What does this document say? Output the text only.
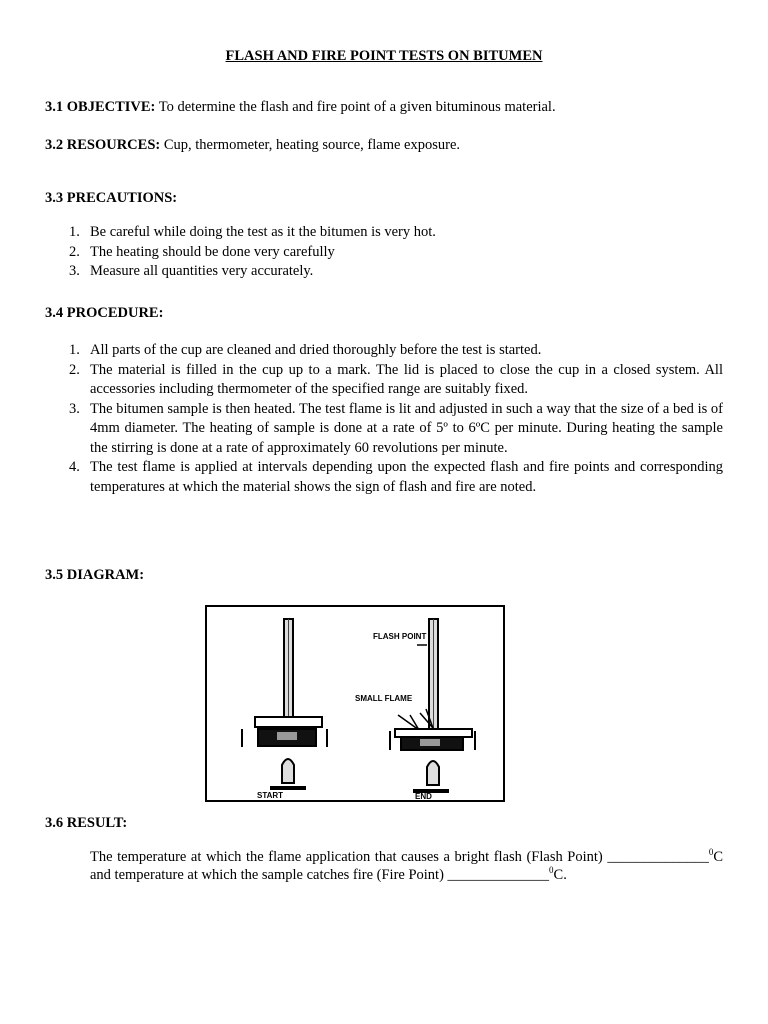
FLASH AND FIRE POINT TESTS ON BITUMEN
3.1 OBJECTIVE: To determine the flash and fire point of a given bituminous material.
3.2 RESOURCES: Cup, thermometer, heating source, flame exposure.
3.3 PRECAUTIONS:
1. Be careful while doing the test as it the bitumen is very hot.
2. The heating should be done very carefully
3. Measure all quantities very accurately.
3.4 PROCEDURE:
1. All parts of the cup are cleaned and dried thoroughly before the test is started.
2. The material is filled in the cup up to a mark. The lid is placed to close the cup in a closed system. All accessories including thermometer of the specified range are suitably fixed.
3. The bitumen sample is then heated. The test flame is lit and adjusted in such a way that the size of a bed is of 4mm diameter. The heating of sample is done at a rate of 5º to 6ºC per minute. During heating the sample the stirring is done at a rate of approximately 60 revolutions per minute.
4. The test flame is applied at intervals depending upon the expected flash and fire points and corresponding temperatures at which the material shows the sign of flash and fire are noted.
3.5 DIAGRAM:
FLASH POINT
SMALL FLAME
START	END
3.6 RESULT:
The temperature at which the flame application that causes a bright flash (Flash Point) ______________$^0$C and temperature at which the sample catches fire (Fire Point) ______________$^0$C.
